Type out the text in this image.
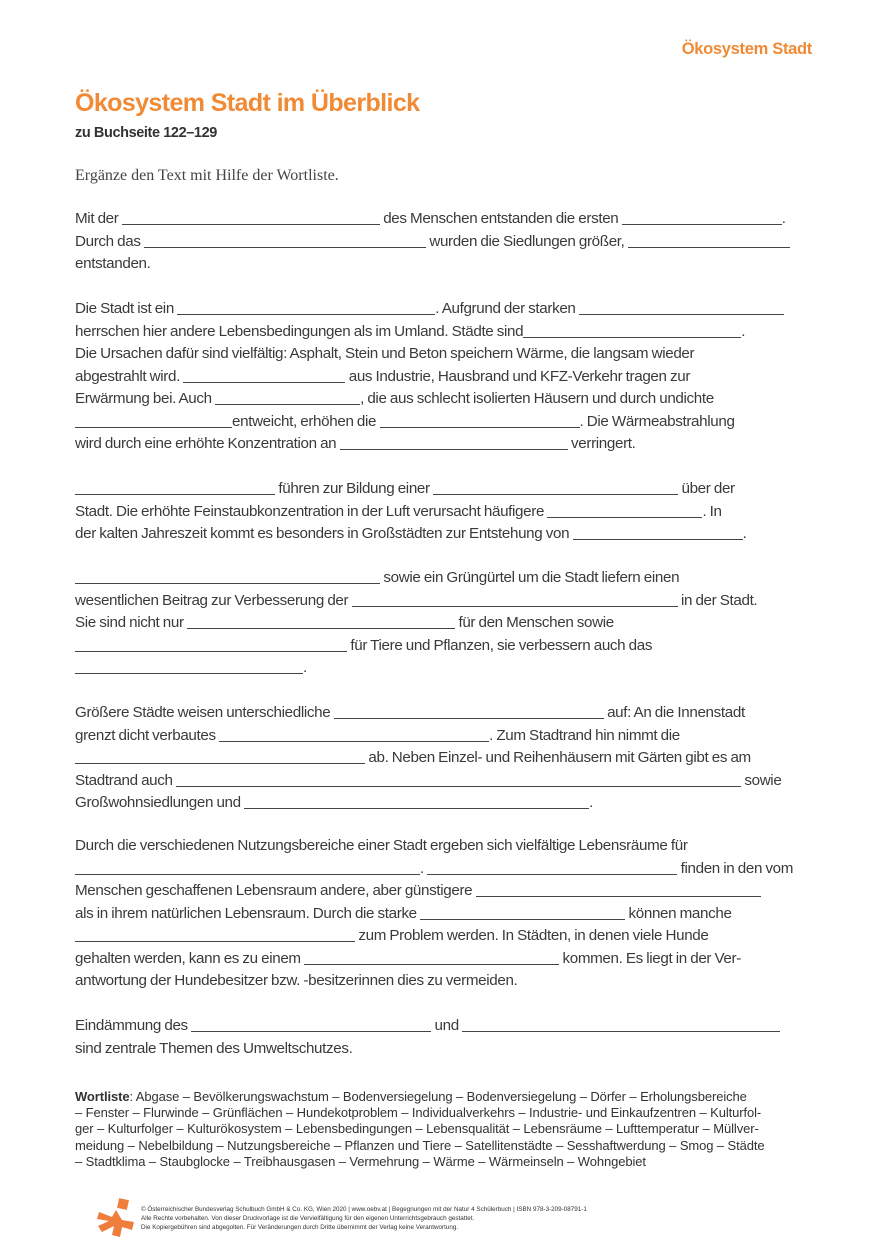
Ökosystem Stadt
Ökosystem Stadt im Überblick
zu Buchseite 122–129
Ergänze den Text mit Hilfe der Wortliste.
Mit der	des Menschen entstanden die ersten	.
Durch das	wurden die Siedlungen größer,
entstanden.
Die Stadt ist ein	. Aufgrund der starken
herrschen hier andere Lebensbedingungen als im Umland. Städte sind	.
Die Ursachen dafür sind vielfältig: Asphalt, Stein und Beton speichern Wärme, die langsam wieder
abgestrahlt wird.	aus Industrie, Hausbrand und KFZ-Verkehr tragen zur
Erwärmung bei. Auch	, die aus schlecht isolierten Häusern und durch undichte
entweicht, erhöhen die	. Die Wärmeabstrahlung
wird durch eine erhöhte Konzentration an	verringert.
führen zur Bildung einer	über der
Stadt. Die erhöhte Feinstaubkonzentration in der Luft verursacht häufigere	. In
der kalten Jahreszeit kommt es besonders in Großstädten zur Entstehung von	.
sowie ein Grüngürtel um die Stadt liefern einen
wesentlichen Beitrag zur Verbesserung der	in der Stadt.
Sie sind nicht nur	für den Menschen sowie
für Tiere und Pflanzen, sie verbessern auch das
.
Größere Städte weisen unterschiedliche	auf: An die Innenstadt
grenzt dicht verbautes	. Zum Stadtrand hin nimmt die
ab. Neben Einzel- und Reihenhäusern mit Gärten gibt es am
Stadtrand auch	sowie
Großwohnsiedlungen und	.
Durch die verschiedenen Nutzungsbereiche einer Stadt ergeben sich vielfältige Lebensräume für
.	finden in den vom
Menschen geschaffenen Lebensraum andere, aber günstigere
als in ihrem natürlichen Lebensraum. Durch die starke	können manche
zum Problem werden. In Städten, in denen viele Hunde
gehalten werden, kann es zu einem	kommen. Es liegt in der Ver-
antwortung der Hundebesitzer bzw. -besitzerinnen dies zu vermeiden.
Eindämmung des	und
sind zentrale Themen des Umweltschutzes.
Wortliste: Abgase – Bevölkerungswachstum – Bodenversiegelung – Bodenversiegelung – Dörfer – Erholungsbereiche
– Fenster – Flurwinde – Grünflächen – Hundekotproblem – Individualverkehrs – Industrie- und Einkaufzentren – Kulturfol-
ger – Kulturfolger – Kulturökosystem – Lebensbedingungen – Lebensqualität – Lebensräume – Lufttemperatur – Müllver-
meidung – Nebelbildung – Nutzungsbereiche – Pflanzen und Tiere – Satellitenstädte – Sesshaftwerdung – Smog – Städte
– Stadtklima – Staubglocke – Treibhausgasen – Vermehrung – Wärme – Wärmeinseln – Wohngebiet
© Österreichischer Bundesverlag Schulbuch GmbH & Co. KG, Wien 2020 | www.oebv.at | Begegnungen mit der Natur 4 Schülerbuch | ISBN 978-3-209-08791-1
Alle Rechte vorbehalten. Von dieser Druckvorlage ist die Vervielfältigung für den eigenen Unterrichtsgebrauch gestattet.
Die Kopiergebühren sind abgegolten. Für Veränderungen durch Dritte übernimmt der Verlag keine Verantwortung.
